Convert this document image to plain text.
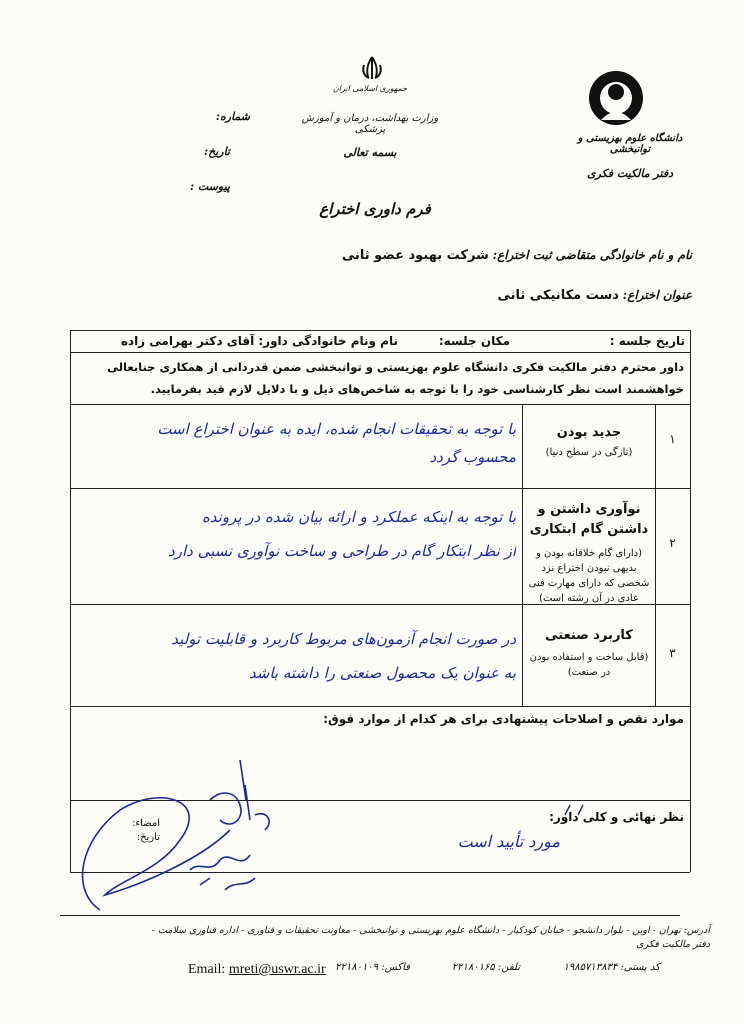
جمهوری اسلامی ایران
وزارت بهداشت، درمان و آموزش پزشکی
بسمه تعالی
فرم داوری اختراع
شماره:
تاریخ:
پیوست :
دانشگاه علوم بهزیستی و توانبخشی
دفتر مالکیت فکری
نام و نام خانوادگی متقاضی ثبت اختراع: شرکت بهبود عضو ثانی
عنوان اختراع: دست مکانیکی ثانی
تاریخ جلسه :
مکان جلسه:
نام ونام خانوادگی داور: آقای دکتر بهرامی زاده
داور محترم دفتر مالکیت فکری دانشگاه علوم بهزیستی و توانبخشی ضمن قدردانی از همکاری جنابعالی خواهشمند است نظر کارشناسی خود را با توجه به شاخص‌های ذیل و با دلایل لازم قید بفرمایید.
۱
جدید بودن
(تازگی در سطح دنیا)
با توجه به تحقیقات انجام شده، ایده به عنوان اختراع است
محسوب گردد
۲
نوآوری داشتن و داشتن گام ابتکاری
(دارای گام خلاقانه بودن و بدیهی نبودن اختراع نزد شخصی که دارای مهارت فنی عادی در آن رشته است)
با توجه به اینکه عملکرد و ارائه بیان شده در پرونده
از نظر ابتکار گام در طراحی و ساخت نوآوری نسبی دارد
۳
کاربرد صنعتی
(قابل ساخت و استفاده بودن در صنعت)
در صورت انجام آزمون‌های مربوط کاربرد و قابلیت تولید
به عنوان یک محصول صنعتی را داشته باشد
موارد نقص و اصلاحات پیشنهادی برای هر کدام از موارد فوق:
نظر نهائی و کلی داور:
مورد تأیید است
امضاء:
تاریخ:
آدرس: تهران - اوین - بلوار دانشجو - خیابان کودکیار - دانشگاه علوم بهزیستی و توانبخشی - معاونت تحقیقات و فناوری - اداره فناوری سلامت - دفتر مالکیت فکری
کد پستی: ۱۹۸۵۷۱۳۸۳۴
تلفن: ۲۲۱۸۰۱۶۵
فاکس: ۲۲۱۸۰۱۰۹
Email: mreti@uswr.ac.ir
